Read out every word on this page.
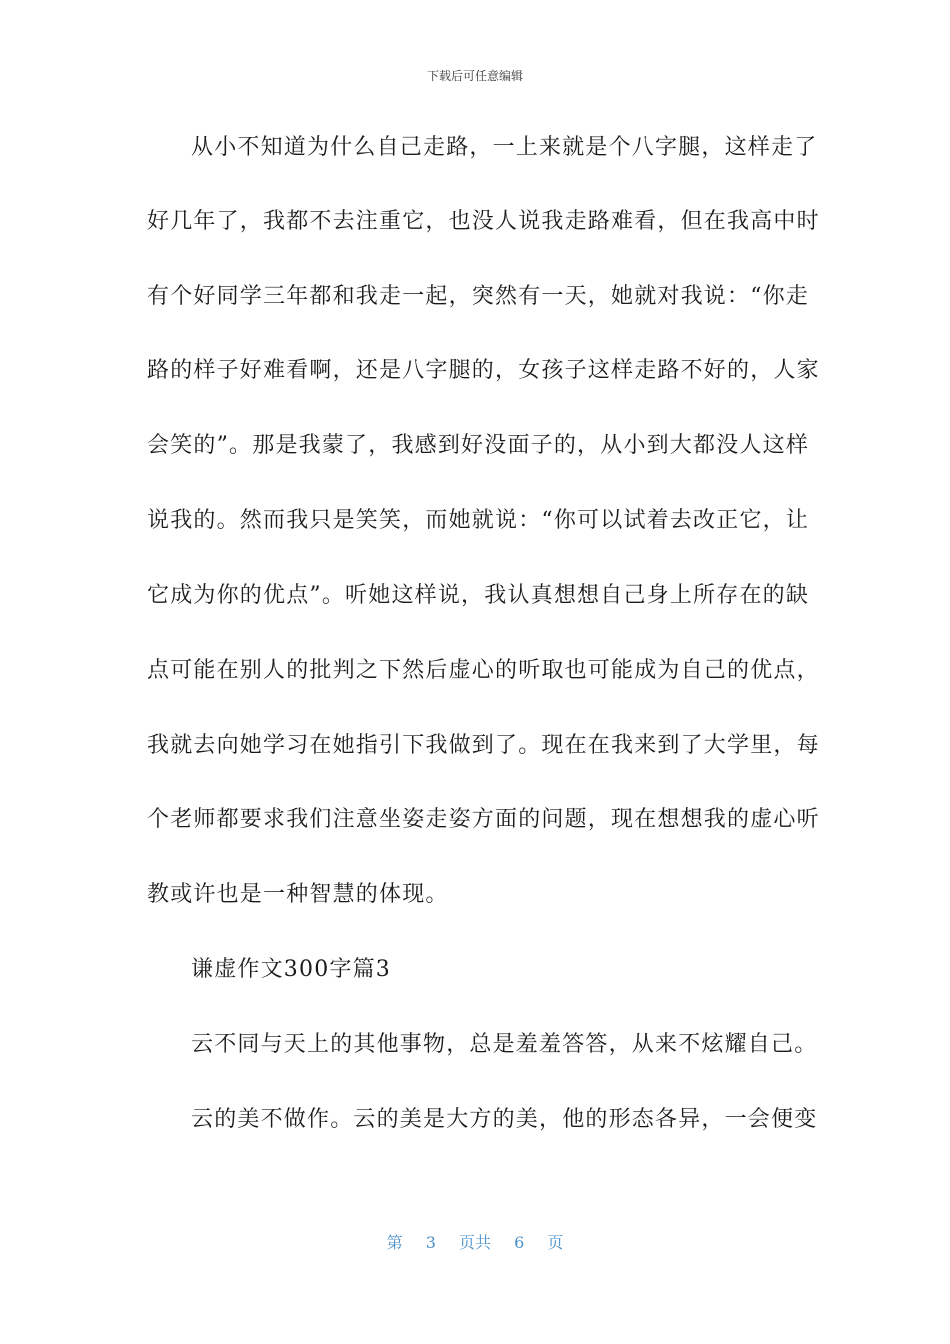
下载后可任意编辑
从小不知道为什么自己走路，一上来就是个八字腿，这样走了
好几年了，我都不去注重它，也没人说我走路难看，但在我高中时
有个好同学三年都和我走一起，突然有一天，她就对我说：“你走
路的样子好难看啊，还是八字腿的，女孩子这样走路不好的，人家
会笑的”。那是我蒙了，我感到好没面子的，从小到大都没人这样
说我的。然而我只是笑笑，而她就说：“你可以试着去改正它，让
它成为你的优点”。听她这样说，我认真想想自己身上所存在的缺
点可能在别人的批判之下然后虚心的听取也可能成为自己的优点，
我就去向她学习在她指引下我做到了。现在在我来到了大学里，每
个老师都要求我们注意坐姿走姿方面的问题，现在想想我的虚心听
教或许也是一种智慧的体现。
谦虚作文300字篇3
云不同与天上的其他事物，总是羞羞答答，从来不炫耀自己。
云的美不做作。云的美是大方的美，他的形态各异，一会便变
第 3 页共 6 页
